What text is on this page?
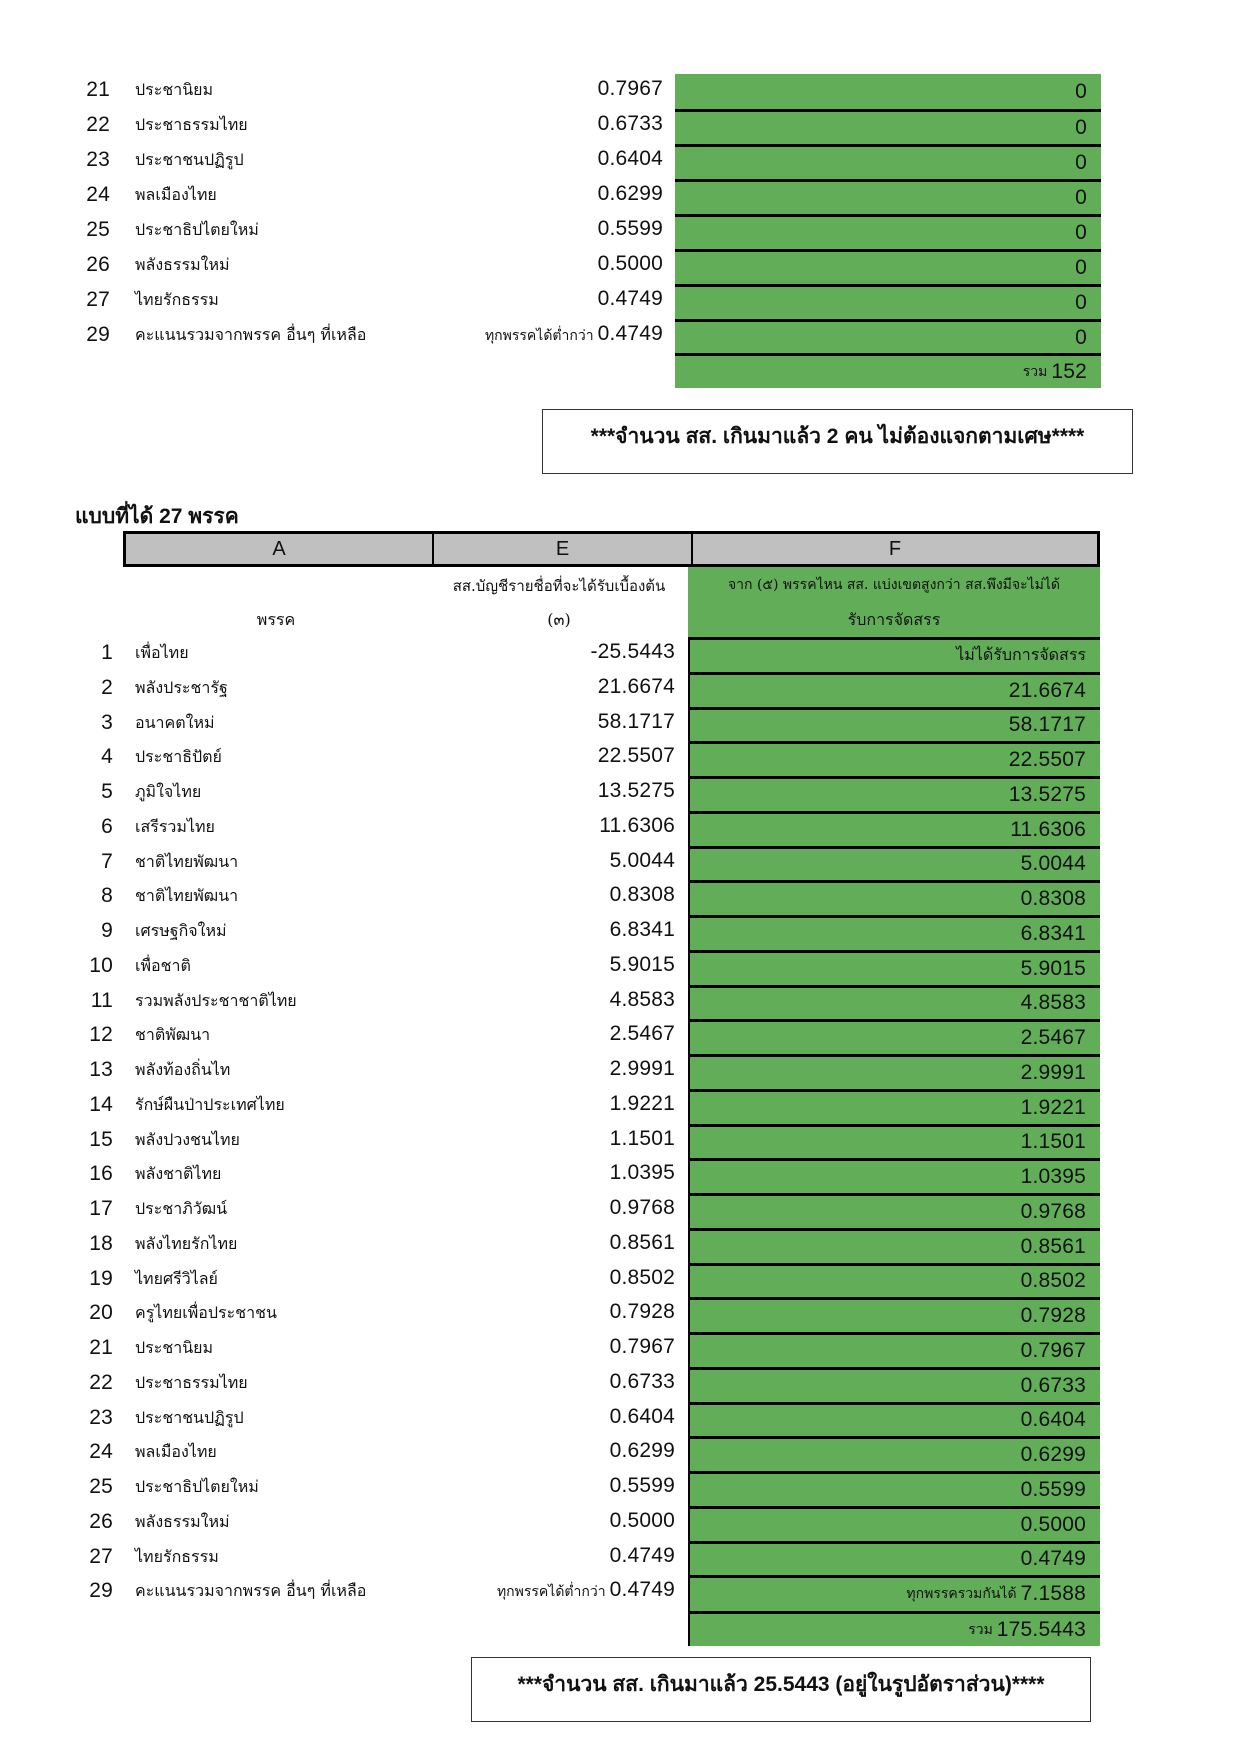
21 ประชานิยม	0.7967	0
22 ประชาธรรมไทย	0.6733	0
23 ประชาชนปฏิรูป	0.6404	0
24 พลเมืองไทย	0.6299	0
25 ประชาธิปไตยใหม่	0.5599	0
26 พลังธรรมใหม่	0.5000	0
27 ไทยรักธรรม	0.4749	0
29 คะแนนรวมจากพรรค อื่นๆ ที่เหลือ	ทุกพรรคได้ต่ำกว่า 0.4749	0
รวม 152
***จำนวน สส. เกินมาแล้ว 2 คน ไม่ต้องแจกตามเศษ****
แบบที่ได้ 27 พรรค
A	E	F
พรรค
สส.บัญชีรายชื่อที่จะได้รับเบื้องต้น
(๓)
จาก (๕) พรรคไหน สส. แบ่งเขตสูงกว่า สส.พึงมีจะไม่ได้
รับการจัดสรร
1 เพื่อไทย	-25.5443	ไม่ได้รับการจัดสรร
2 พลังประชารัฐ	21.6674	21.6674
3 อนาคตใหม่	58.1717	58.1717
4 ประชาธิปัตย์	22.5507	22.5507
5 ภูมิใจไทย	13.5275	13.5275
6 เสรีรวมไทย	11.6306	11.6306
7 ชาติไทยพัฒนา	5.0044	5.0044
8 ชาติไทยพัฒนา	0.8308	0.8308
9 เศรษฐกิจใหม่	6.8341	6.8341
10 เพื่อชาติ	5.9015	5.9015
11 รวมพลังประชาชาติไทย	4.8583	4.8583
12 ชาติพัฒนา	2.5467	2.5467
13 พลังท้องถิ่นไท	2.9991	2.9991
14 รักษ์ผืนป่าประเทศไทย	1.9221	1.9221
15 พลังปวงชนไทย	1.1501	1.1501
16 พลังชาติไทย	1.0395	1.0395
17 ประชาภิวัฒน์	0.9768	0.9768
18 พลังไทยรักไทย	0.8561	0.8561
19 ไทยศรีวิไลย์	0.8502	0.8502
20 ครูไทยเพื่อประชาชน	0.7928	0.7928
21 ประชานิยม	0.7967	0.7967
22 ประชาธรรมไทย	0.6733	0.6733
23 ประชาชนปฏิรูป	0.6404	0.6404
24 พลเมืองไทย	0.6299	0.6299
25 ประชาธิปไตยใหม่	0.5599	0.5599
26 พลังธรรมใหม่	0.5000	0.5000
27 ไทยรักธรรม	0.4749	0.4749
29 คะแนนรวมจากพรรค อื่นๆ ที่เหลือ	ทุกพรรคได้ต่ำกว่า 0.4749	ทุกพรรครวมกันได้ 7.1588
รวม 175.5443
***จำนวน สส. เกินมาแล้ว 25.5443 (อยู่ในรูปอัตราส่วน)****
